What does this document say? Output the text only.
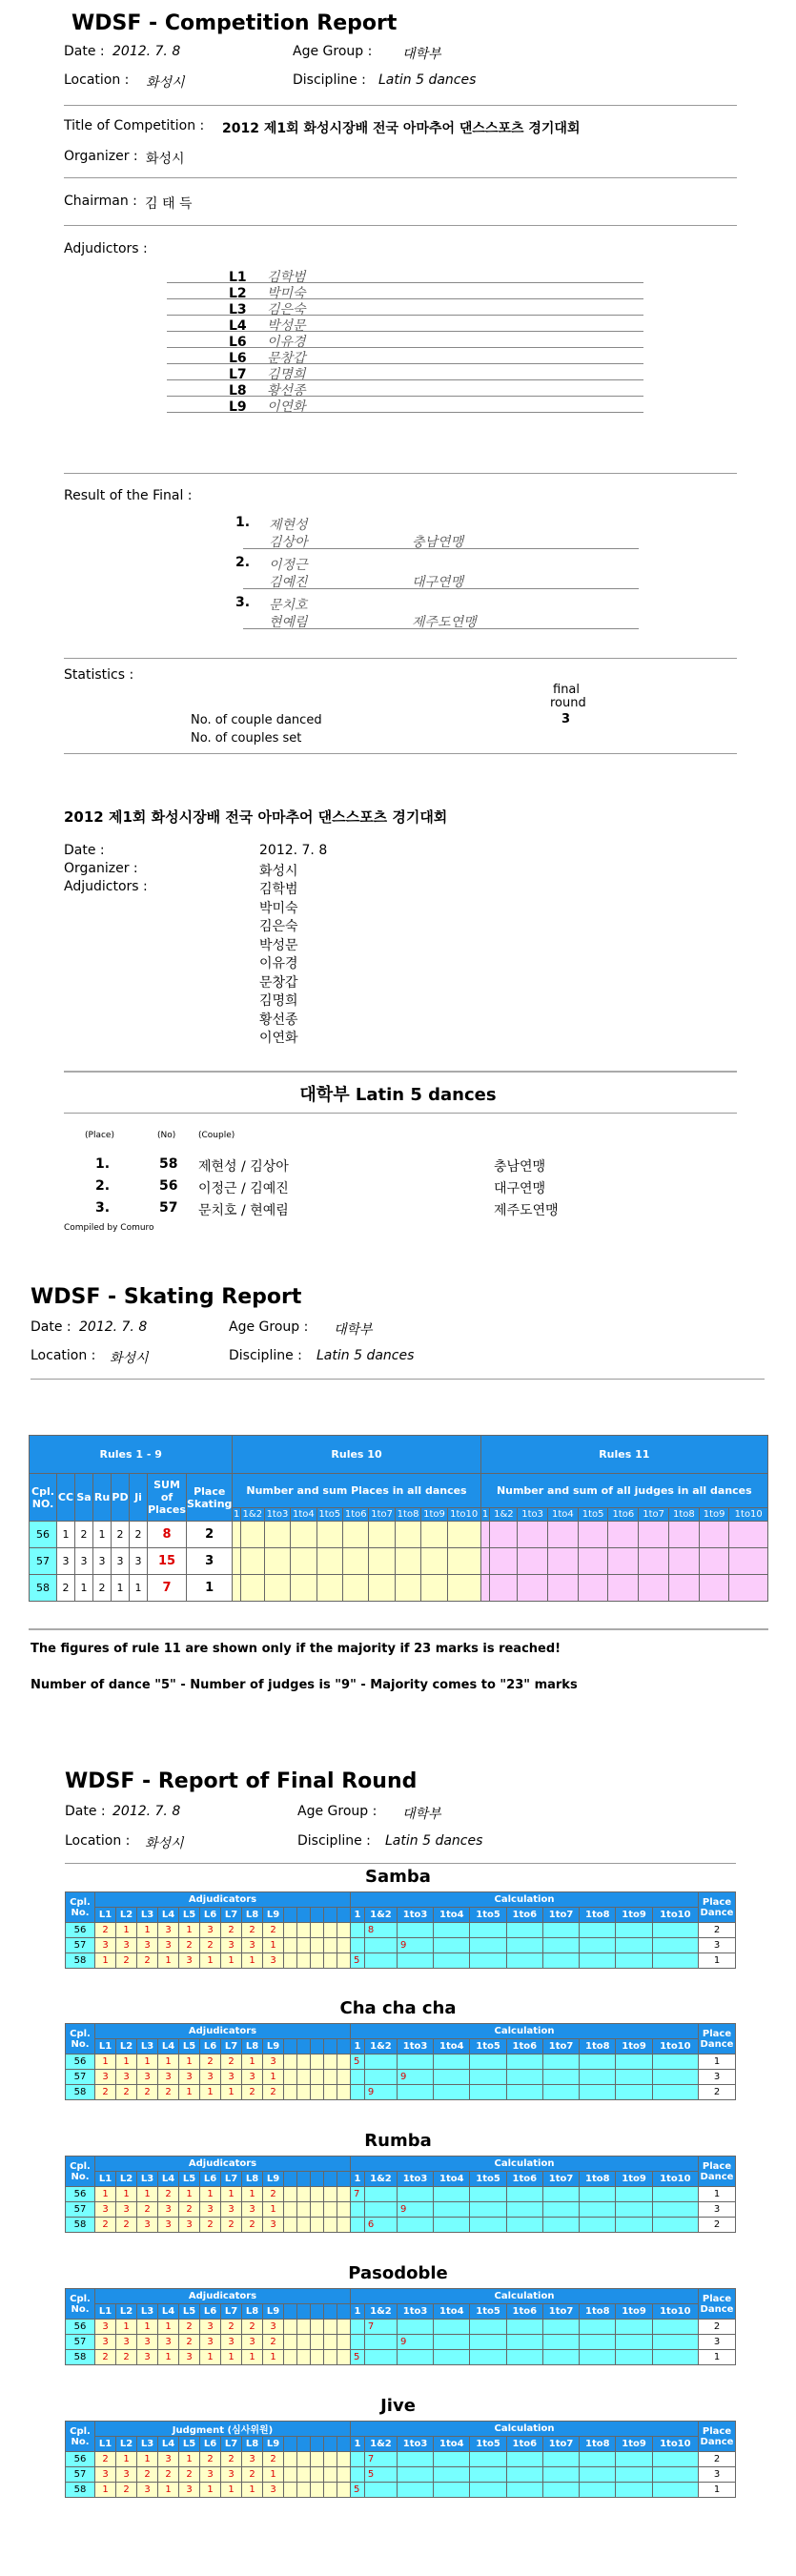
WDSF - Competition Report
Date : 2012. 7. 8	Age Group : 대학부
Location : 화성시	Discipline : Latin 5 dances
Title of Competition : 2012 제1회 화성시장배 전국 아마추어 댄스스포츠 경기대회
Organizer : 화성시
Chairman : 김 태 득
Adjudictors :
L1김학범
L2박미숙
L3김은숙
L4박성문
L6이유경
L6문창갑
L7김명희
L8황선종
L9이연화
Result of the Final :
1. 제현성
김상아	충남연맹
2. 이정근
김예진	대구연맹
3. 문치호
현예림	제주도연맹
Statistics :
final
round
No. of couple danced	3
No. of couples set
2012 제1회 화성시장배 전국 아마추어 댄스스포츠 경기대회
Date :	2012. 7. 8
Organizer :	화성시
Adjudictors :	김학범
박미숙
김은숙
박성문
이유경
문창갑
김명희
황선종
이연화
대학부 Latin 5 dances
(Place)	(No)	(Couple)
1.	58 제현성 / 김상아	충남연맹
2.	56 이정근 / 김예진	대구연맹
3.	57 문치호 / 현예림	제주도연맹
Compiled by Comuro
WDSF - Skating Report
Date : 2012. 7. 8	Age Group : 대학부
Location : 화성시	Discipline : Latin 5 dances
Rules 1 - 9								Rules 10										Rules 11									
Cpl. NO.	CC	Sa	Ru	PD	Ji	SUM of Places	Place Skating	Number and sum Places in all dances										Number and sum of all judges in all dances									
								1	1&2	1to3	1to4	1to5	1to6	1to7	1to8	1to9	1to10	1	1&2	1to3	1to4	1to5	1to6	1to7	1to8	1to9	1to10
56	1	2	1	2	2	8	2																				
57	3	3	3	3	3	15	3																				
58	2	1	2	1	1	7	1																				
The figures of rule 11 are shown only if the majority if 23 marks is reached!
Number of dance "5" - Number of judges is "9" - Majority comes to "23" marks
WDSF - Report of Final Round
Date : 2012. 7. 8	Age Group : 대학부
Location : 화성시	Discipline : Latin 5 dances
Samba
Cpl. No.	Adjudicators														Calculation										Place Dance
	L1	L2	L3	L4	L5	L6	L7	L8	L9						1	1&2	1to3	1to4	1to5	1to6	1to7	1to8	1to9	1to10	
56	2	1	1	3	1	3	2	2	2							8									2
57	3	3	3	3	2	2	3	3	1								9								3
58	1	2	2	1	3	1	1	1	3						5										1
Cha cha cha
Cpl. No.	Adjudicators														Calculation										Place Dance
	L1	L2	L3	L4	L5	L6	L7	L8	L9						1	1&2	1to3	1to4	1to5	1to6	1to7	1to8	1to9	1to10	
56	1	1	1	1	1	2	2	1	3						5										1
57	3	3	3	3	3	3	3	3	1								9								3
58	2	2	2	2	1	1	1	2	2							9									2
Rumba
Cpl. No.	Adjudicators														Calculation										Place Dance
	L1	L2	L3	L4	L5	L6	L7	L8	L9						1	1&2	1to3	1to4	1to5	1to6	1to7	1to8	1to9	1to10	
56	1	1	1	2	1	1	1	1	2						7										1
57	3	3	2	3	2	3	3	3	1								9								3
58	2	2	3	3	3	2	2	2	3							6									2
Pasodoble
Cpl. No.	Adjudicators														Calculation										Place Dance
	L1	L2	L3	L4	L5	L6	L7	L8	L9						1	1&2	1to3	1to4	1to5	1to6	1to7	1to8	1to9	1to10	
56	3	1	1	1	2	3	2	2	3							7									2
57	3	3	3	3	2	3	3	3	2								9								3
58	2	2	3	1	3	1	1	1	1						5										1
Jive
Cpl. No.	Judgment (심사위원)														Calculation										Place Dance
	L1	L2	L3	L4	L5	L6	L7	L8	L9						1	1&2	1to3	1to4	1to5	1to6	1to7	1to8	1to9	1to10	
56	2	1	1	3	1	2	2	3	2							7									2
57	3	3	2	2	2	3	3	2	1							5									3
58	1	2	3	1	3	1	1	1	3						5										1
